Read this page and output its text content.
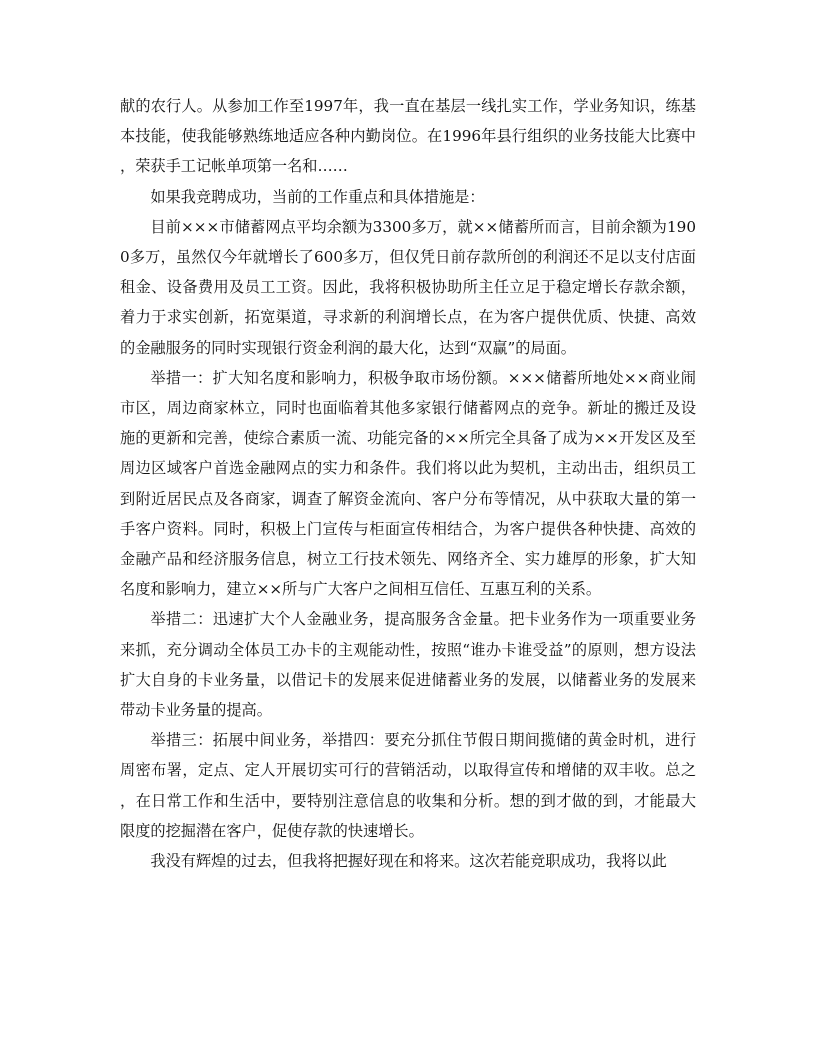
献的农行人。从参加工作至1997年，我一直在基层一线扎实工作，学业务知识，练基本技能，使我能够熟练地适应各种内勤岗位。在1996年县行组织的业务技能大比赛中，荣获手工记帐单项第一名和……

如果我竞聘成功，当前的工作重点和具体措施是：

目前×××市储蓄网点平均余额为3300多万，就××储蓄所而言，目前余额为1900多万，虽然仅今年就增长了600多万，但仅凭日前存款所创的利润还不足以支付店面租金、设备费用及员工工资。因此，我将积极协助所主任立足于稳定增长存款余额，着力于求实创新，拓宽渠道，寻求新的利润增长点，在为客户提供优质、快捷、高效的金融服务的同时实现银行资金利润的最大化，达到“双赢”的局面。

举措一：扩大知名度和影响力，积极争取市场份额。×××储蓄所地处××商业闹市区，周边商家林立，同时也面临着其他多家银行储蓄网点的竞争。新址的搬迁及设施的更新和完善，使综合素质一流、功能完备的××所完全具备了成为××开发区及至周边区域客户首选金融网点的实力和条件。我们将以此为契机，主动出击，组织员工到附近居民点及各商家，调查了解资金流向、客户分布等情况，从中获取大量的第一手客户资料。同时，积极上门宣传与柜面宣传相结合，为客户提供各种快捷、高效的金融产品和经济服务信息，树立工行技术领先、网络齐全、实力雄厚的形象，扩大知名度和影响力，建立××所与广大客户之间相互信任、互惠互利的关系。

举措二：迅速扩大个人金融业务，提高服务含金量。把卡业务作为一项重要业务来抓，充分调动全体员工办卡的主观能动性，按照“谁办卡谁受益”的原则，想方设法扩大自身的卡业务量，以借记卡的发展来促进储蓄业务的发展，以储蓄业务的发展来带动卡业务量的提高。

举措三：拓展中间业务，举措四：要充分抓住节假日期间揽储的黄金时机，进行周密布署，定点、定人开展切实可行的营销活动，以取得宣传和增储的双丰收。总之，在日常工作和生活中，要特别注意信息的收集和分析。想的到才做的到，才能最大限度的挖掘潜在客户，促使存款的快速增长。

我没有辉煌的过去，但我将把握好现在和将来。这次若能竞职成功，我将以此
